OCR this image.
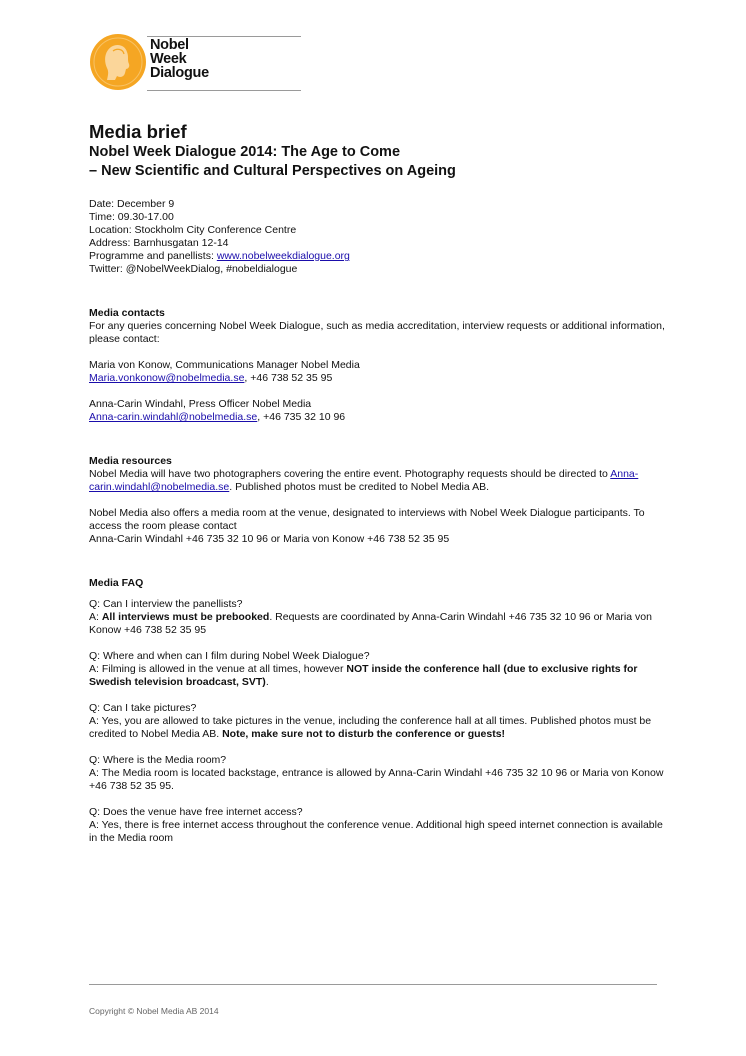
Nobel
Week
Dialogue
Media brief

Nobel Week Dialogue 2014: The Age to Come

– New Scientific and Cultural Perspectives on Ageing

Date: December 9
Time: 09.30-17.00
Location: Stockholm City Conference Centre
Address: Barnhusgatan 12-14
Programme and panellists: www.nobelweekdialogue.org
Twitter: @NobelWeekDialog, #nobeldialogue
Media contacts
For any queries concerning Nobel Week Dialogue, such as media accreditation, interview requests or additional information, please contact:
Maria von Konow, Communications Manager Nobel Media
Maria.vonkonow@nobelmedia.se, +46 738 52 35 95
Anna-Carin Windahl, Press Officer Nobel Media
Anna-carin.windahl@nobelmedia.se, +46 735 32 10 96
Media resources
Nobel Media will have two photographers covering the entire event. Photography requests should be directed to Anna-carin.windahl@nobelmedia.se. Published photos must be credited to Nobel Media AB.
Nobel Media also offers a media room at the venue, designated to interviews with Nobel Week Dialogue participants. To access the room please contact
Anna-Carin Windahl +46 735 32 10 96 or Maria von Konow +46 738 52 35 95
Media FAQ
Q: Can I interview the panellists?
A: All interviews must be prebooked. Requests are coordinated by Anna-Carin Windahl +46 735 32 10 96 or Maria von Konow +46 738 52 35 95
Q: Where and when can I film during Nobel Week Dialogue?
A: Filming is allowed in the venue at all times, however NOT inside the conference hall (due to exclusive rights for Swedish television broadcast, SVT).
Q: Can I take pictures?
A: Yes, you are allowed to take pictures in the venue, including the conference hall at all times. Published photos must be credited to Nobel Media AB. Note, make sure not to disturb the conference or guests!
Q: Where is the Media room?
A: The Media room is located backstage, entrance is allowed by Anna-Carin Windahl +46 735 32 10 96 or Maria von Konow +46 738 52 35 95.
Q: Does the venue have free internet access?
A: Yes, there is free internet access throughout the conference venue. Additional high speed internet connection is available in the Media room
Copyright © Nobel Media AB 2014
